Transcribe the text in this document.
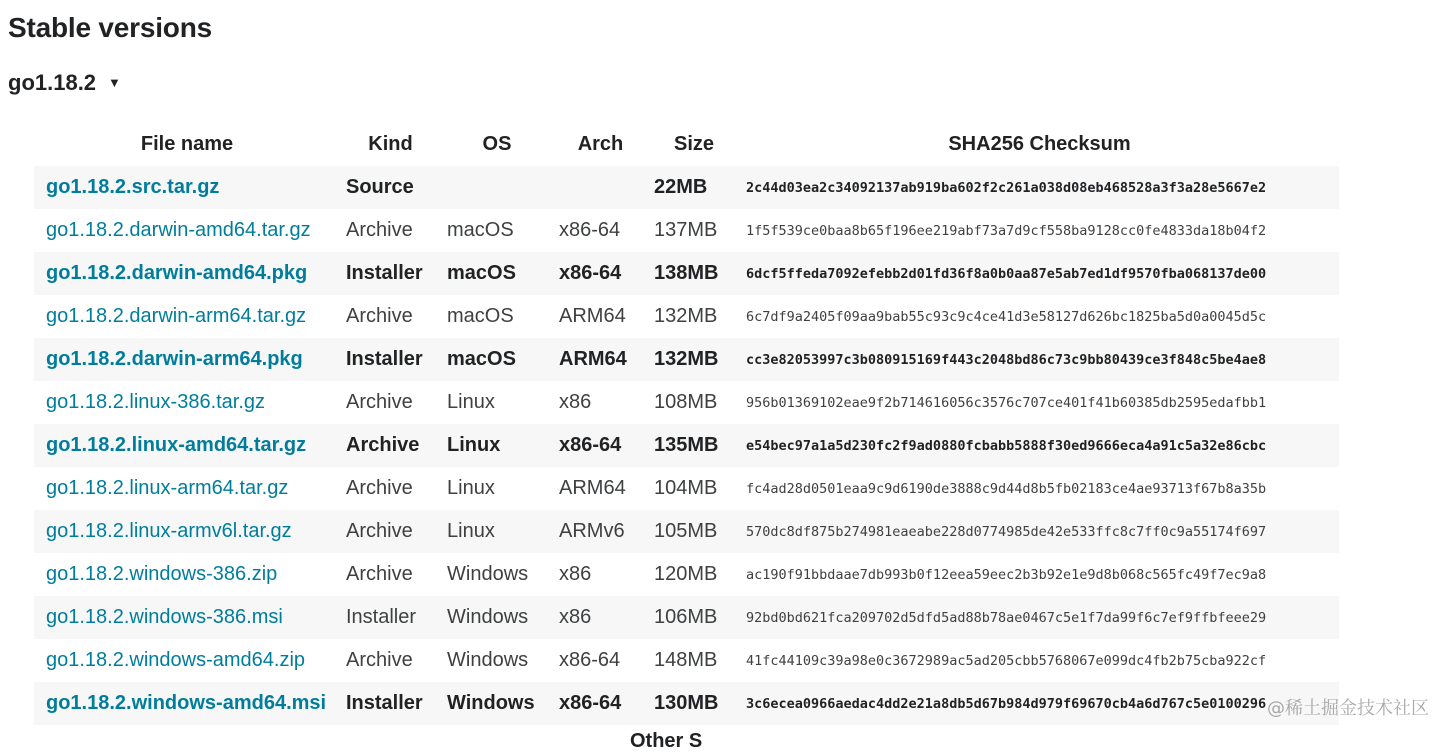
Stable versions
go1.18.2 ▼
File name	Kind	OS	Arch	Size	SHA256 Checksum
go1.18.2.src.tar.gz	Source			22MB	2c44d03ea2c34092137ab919ba602f2c261a038d08eb468528a3f3a28e5667e2
go1.18.2.darwin-amd64.tar.gz	Archive	macOS	x86-64	137MB	1f5f539ce0baa8b65f196ee219abf73a7d9cf558ba9128cc0fe4833da18b04f2
go1.18.2.darwin-amd64.pkg	Installer	macOS	x86-64	138MB	6dcf5ffeda7092efebb2d01fd36f8a0b0aa87e5ab7ed1df9570fba068137de00
go1.18.2.darwin-arm64.tar.gz	Archive	macOS	ARM64	132MB	6c7df9a2405f09aa9bab55c93c9c4ce41d3e58127d626bc1825ba5d0a0045d5c
go1.18.2.darwin-arm64.pkg	Installer	macOS	ARM64	132MB	cc3e82053997c3b080915169f443c2048bd86c73c9bb80439ce3f848c5be4ae8
go1.18.2.linux-386.tar.gz	Archive	Linux	x86	108MB	956b01369102eae9f2b714616056c3576c707ce401f41b60385db2595edafbb1
go1.18.2.linux-amd64.tar.gz	Archive	Linux	x86-64	135MB	e54bec97a1a5d230fc2f9ad0880fcbabb5888f30ed9666eca4a91c5a32e86cbc
go1.18.2.linux-arm64.tar.gz	Archive	Linux	ARM64	104MB	fc4ad28d0501eaa9c9d6190de3888c9d44d8b5fb02183ce4ae93713f67b8a35b
go1.18.2.linux-armv6l.tar.gz	Archive	Linux	ARMv6	105MB	570dc8df875b274981eaeabe228d0774985de42e533ffc8c7ff0c9a55174f697
go1.18.2.windows-386.zip	Archive	Windows	x86	120MB	ac190f91bbdaae7db993b0f12eea59eec2b3b92e1e9d8b068c565fc49f7ec9a8
go1.18.2.windows-386.msi	Installer	Windows	x86	106MB	92bd0bd621fca209702d5dfd5ad88b78ae0467c5e1f7da99f6c7ef9ffbfeee29
go1.18.2.windows-amd64.zip	Archive	Windows	x86-64	148MB	41fc44109c39a98e0c3672989ac5ad205cbb5768067e099dc4fb2b75cba922cf
go1.18.2.windows-amd64.msi	Installer	Windows	x86-64	130MB	3c6ecea0966aedac4dd2e21a8db5d67b984d979f69670cb4a6d767c5e0100296
Other S
@稀土掘金技术社区
